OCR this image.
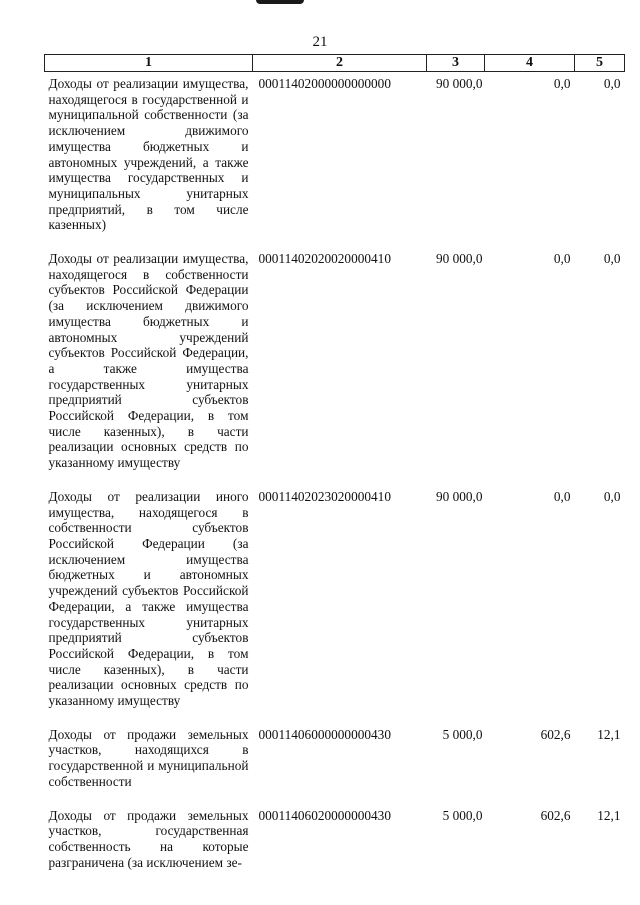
21
1	2	3	4	5
Доходы от реализации имущества, находящегося в государственной и муниципальной собственности (за исключением движимого имущества бюджетных и автономных учреждений, а также имущества государственных и муниципальных унитарных предприятий, в том числе казенных)	00011402000000000000	90 000,0	0,0	0,0
Доходы от реализации имущества, находящегося в собственности субъектов Российской Федерации (за исключением движимого имущества бюджетных и автономных учреждений субъектов Российской Федерации, а также имущества государственных унитарных предприятий субъектов Российской Федерации, в том числе казенных), в части реализации основных средств по указанному имуществу	00011402020020000410	90 000,0	0,0	0,0
Доходы от реализации иного имущества, находящегося в собственности субъектов Российской Федерации (за исключением имущества бюджетных и автономных учреждений субъектов Российской Федерации, а также имущества государственных унитарных предприятий субъектов Российской Федерации, в том числе казенных), в части реализации основных средств по указанному имуществу	00011402023020000410	90 000,0	0,0	0,0
Доходы от продажи земельных участков, находящихся в государственной и муниципальной собственности	00011406000000000430	5 000,0	602,6	12,1
Доходы от продажи земельных участков, государственная собственность на которые разграничена (за исключением зе-	00011406020000000430	5 000,0	602,6	12,1
